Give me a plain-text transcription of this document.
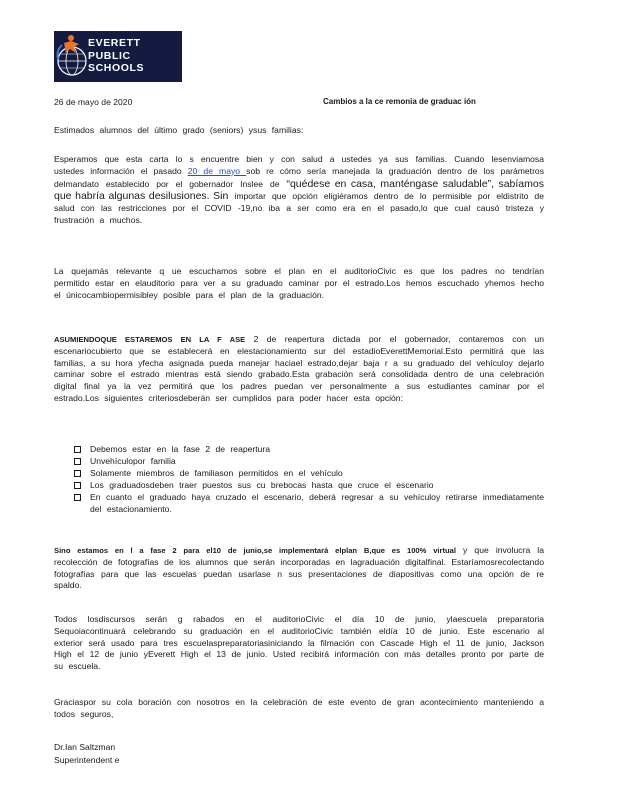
EVERETT
PUBLIC
SCHOOLS
26 de mayo de 2020	Cambios a la ce remonia de graduac ión
Estimados alumnos del último grado (seniors) ysus familias:
Esperamos que esta carta lo s encuentre bien y con salud a ustedes ya sus familias. Cuando lesenviamosa ustedes información el pasado 20 de mayo sob re cómo sería manejada la graduación dentro de los parámetros delmandato establecido por el gobernador Inslee de “quédese en casa, manténgase saludable”, sabíamos que habría algunas desilusiones. Sin importar que opción eligiéramos dentro de lo permisible por eldistrito de salud con las restricciones por el COVID -19,no iba a ser como era en el pasado,lo que cual causó tristeza y frustración a muchos.
La quejamás relevante q ue escuchamos sobre el plan en el auditorioCivic es que los padres no tendrían permitido estar en elauditorio para ver a su graduado caminar por el estrado.Los hemos escuchado yhemos hecho el únicocambiopermisibley posible para el plan de la graduación.
ASUMIENDOQUE ESTAREMOS EN LA F ASE 2 de reapertura dictada por el gobernador, contaremos con un escenariocubierto que se establecerá en elestacionamiento sur del estadioEverettMemorial.Esto permitirá que las familias, a su hora yfecha asignada pueda manejar haciael estrado,dejar baja r a su graduado del vehículoy dejarlo caminar sobre el estrado mientras está siendo grabado.Esta grabación será consolidada dentro de una celebración digital final ya la vez permitirá que los padres puedan ver personalmente a sus estudiantes caminar por el estrado.Los siguientes criteriosdeberán ser cumplidos para poder hacer esta opción:
Debemos estar en la fase 2 de reapertura
Unvehículopor familia
Solamente miembros de familiason permitidos en el vehículo
Los graduadosdeben traer puestos sus cu brebocas hasta que cruce el escenario
En cuanto el graduado haya cruzado el escenario, deberá regresar a su vehículoy retirarse inmediatamente del estacionamiento.
Sino estamos en l a fase 2 para el10 de junio,se implementará elplan B,que es 100% virtual y que involucra la recolección de fotografías de los alumnos que serán incorporadas en lagraduación digitalfinal. Estaríamosrecolectando fotografías para que las escuelas puedan usarlase n sus presentaciones de diapositivas como una opción de re spaldo.
Todos losdiscursos serán g rabados en el auditorioCivic el día 10 de junio, ylaescuela preparatoria Sequoiacontinuará celebrando su graduación en el auditorioCivic también eldía 10 de junio. Este escenario al exterior será usado para tres escuelaspreparatoriasiniciando la filmación con Cascade High el 11 de junio, Jackson High el 12 de junio yEverett High el 13 de junio. Usted recibirá información con más detalles pronto por parte de su escuela.
Graciaspor su cola boración con nosotros en la celebración de este evento de gran acontecimiento manteniendo a todos seguros,
Dr.Ian Saltzman
Superintendent e
